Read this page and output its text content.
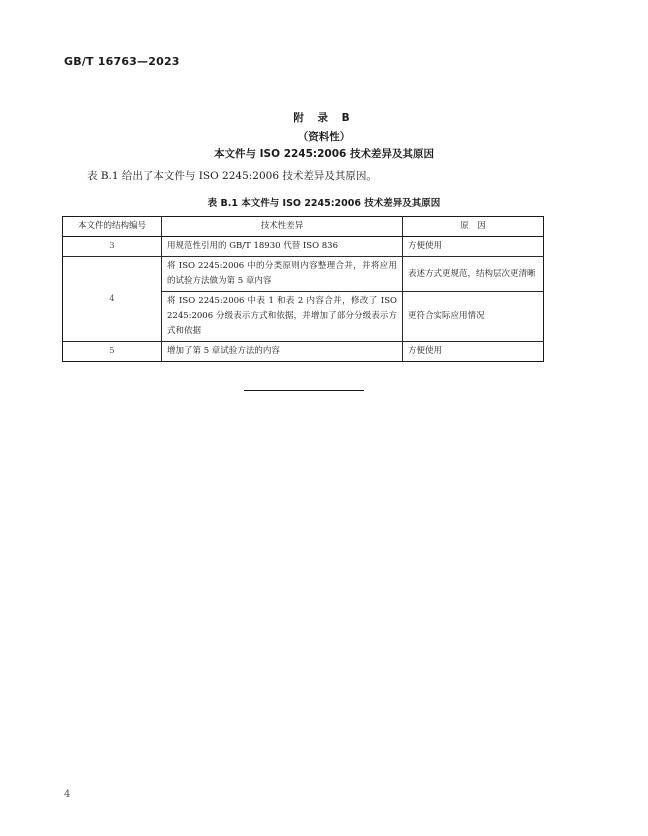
GB/T 16763—2023
附 录 B
（资料性）
本文件与 ISO 2245:2006 技术差异及其原因
表 B.1 给出了本文件与 ISO 2245:2006 技术差异及其原因。
表 B.1 本文件与 ISO 2245:2006 技术差异及其原因
本文件的结构编号	技术性差异	原　因
3	用规范性引用的 GB/T 18930 代替 ISO 836	方便使用
4	将 ISO 2245:2006 中的分类原则内容整理合并，并将应用的试验方法做为第 5 章内容	表述方式更规范，结构层次更清晰
	将 ISO 2245:2006 中表 1 和表 2 内容合并，修改了 ISO 2245:2006 分级表示方式和依据，并增加了部分分级表示方式和依据	更符合实际应用情况
5	增加了第 5 章试验方法的内容	方便使用
4
